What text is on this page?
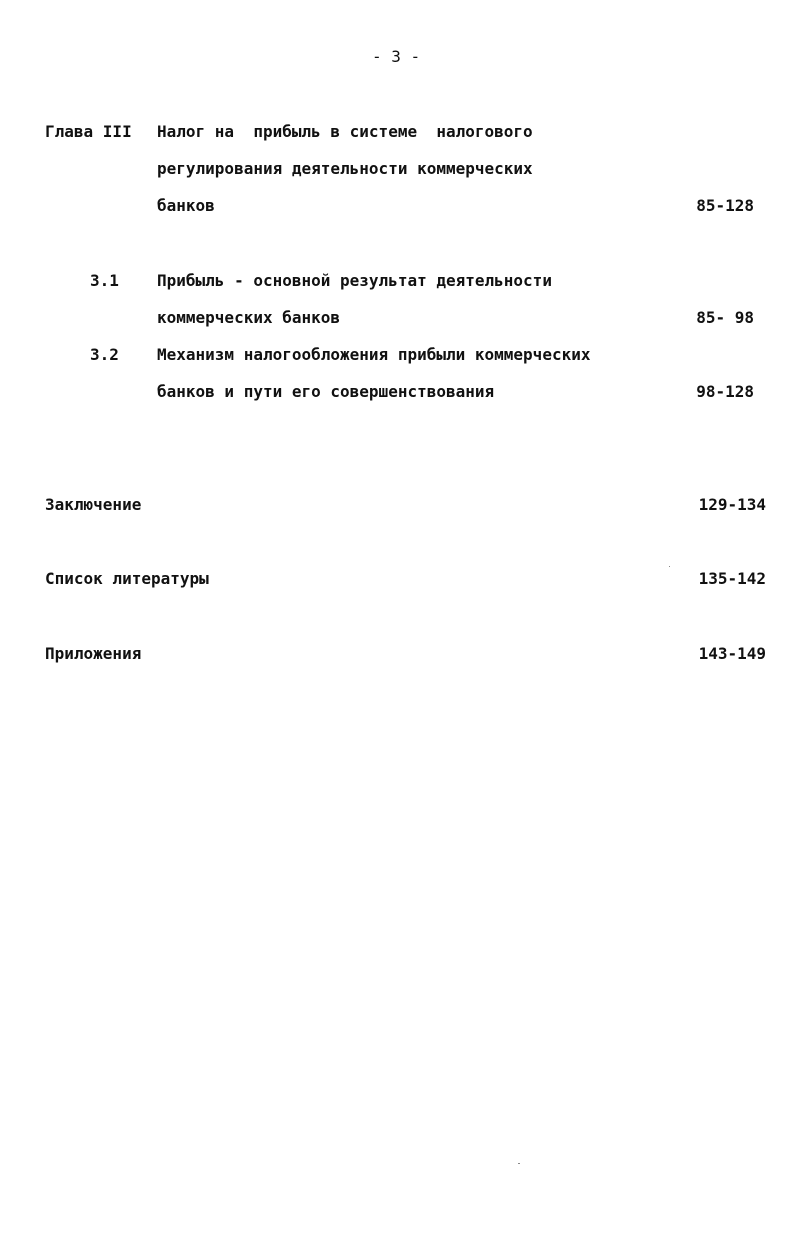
- 3 -
Глава III Налог на  прибыль в системе  налогового
регулирования деятельности коммерческих
банков	85-128
3.1 Прибыль - основной результат деятельности
коммерческих банков	85- 98
3.2 Механизм налогообложения прибыли коммерческих
банков и пути его совершенствования	98-128
Заключение	129-134
Список литературы	135-142
Приложения	143-149
